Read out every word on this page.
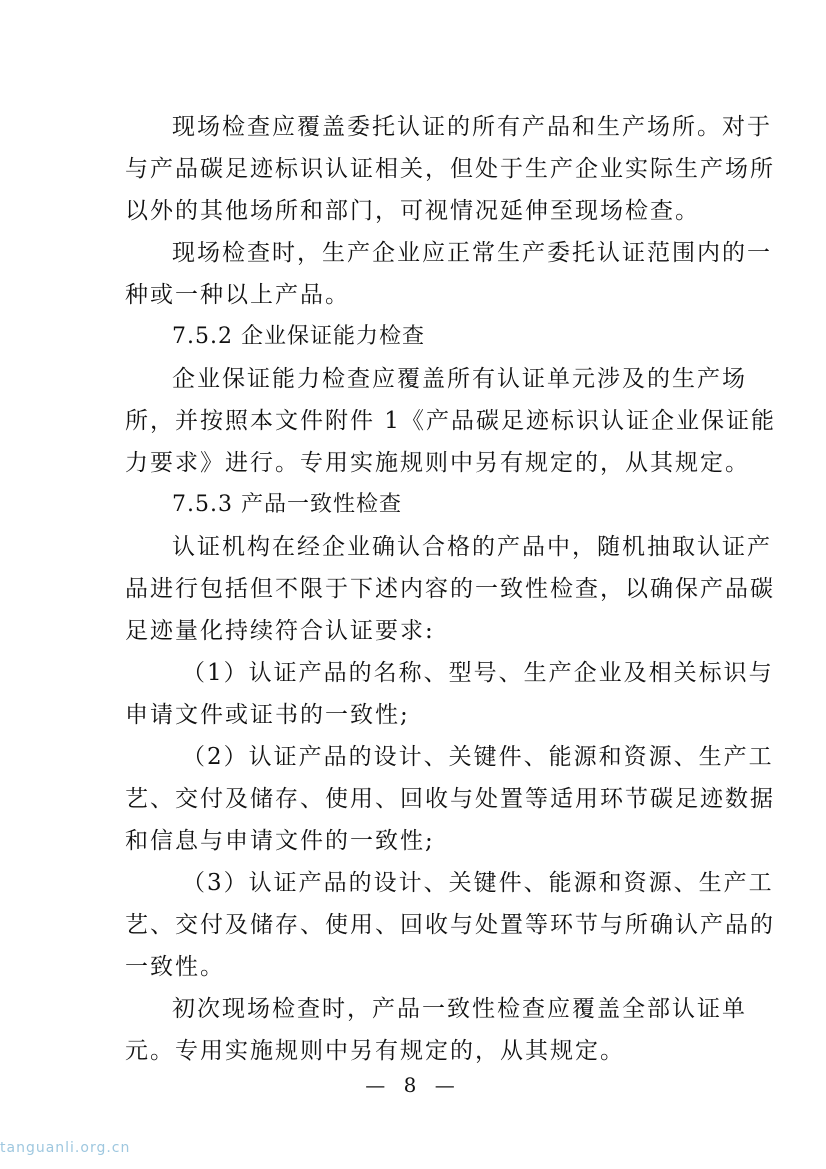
现场检查应覆盖委托认证的所有产品和生产场所。对于
与产品碳足迹标识认证相关，但处于生产企业实际生产场所
以外的其他场所和部门，可视情况延伸至现场检查。
现场检查时，生产企业应正常生产委托认证范围内的一
种或一种以上产品。
7.5.2 企业保证能力检查
企业保证能力检查应覆盖所有认证单元涉及的生产场
所，并按照本文件附件 1《产品碳足迹标识认证企业保证能
力要求》进行。专用实施规则中另有规定的，从其规定。
7.5.3 产品一致性检查
认证机构在经企业确认合格的产品中，随机抽取认证产
品进行包括但不限于下述内容的一致性检查，以确保产品碳
足迹量化持续符合认证要求:
（1）认证产品的名称、型号、生产企业及相关标识与
申请文件或证书的一致性;
（2）认证产品的设计、关键件、能源和资源、生产工
艺、交付及储存、使用、回收与处置等适用环节碳足迹数据
和信息与申请文件的一致性;
（3）认证产品的设计、关键件、能源和资源、生产工
艺、交付及储存、使用、回收与处置等环节与所确认产品的
一致性。
初次现场检查时，产品一致性检查应覆盖全部认证单
元。专用实施规则中另有规定的，从其规定。
— 8 —
tanguanli.org.cn
